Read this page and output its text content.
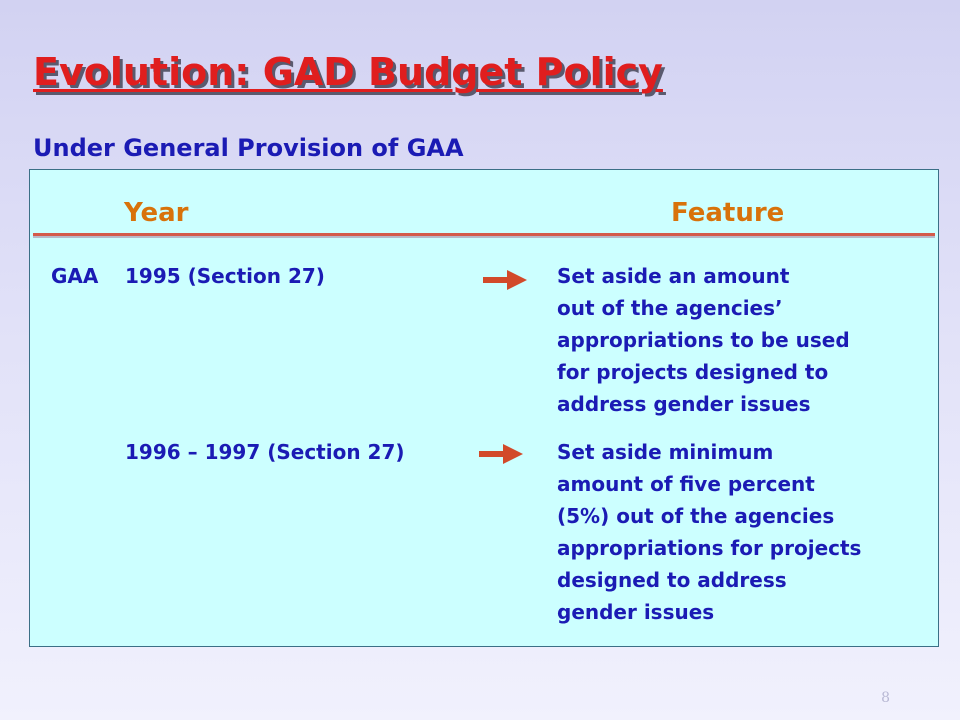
Evolution: GAD Budget Policy
Under General Provision of GAA
Year	Feature
GAA 1995 (Section 27)	Set aside an amount
out of the agencies’
appropriations to be used
for projects designed to
address gender issues
1996 – 1997 (Section 27)	Set aside minimum
amount of five percent
(5%) out of the agencies
appropriations for projects
designed to address
gender issues
8
